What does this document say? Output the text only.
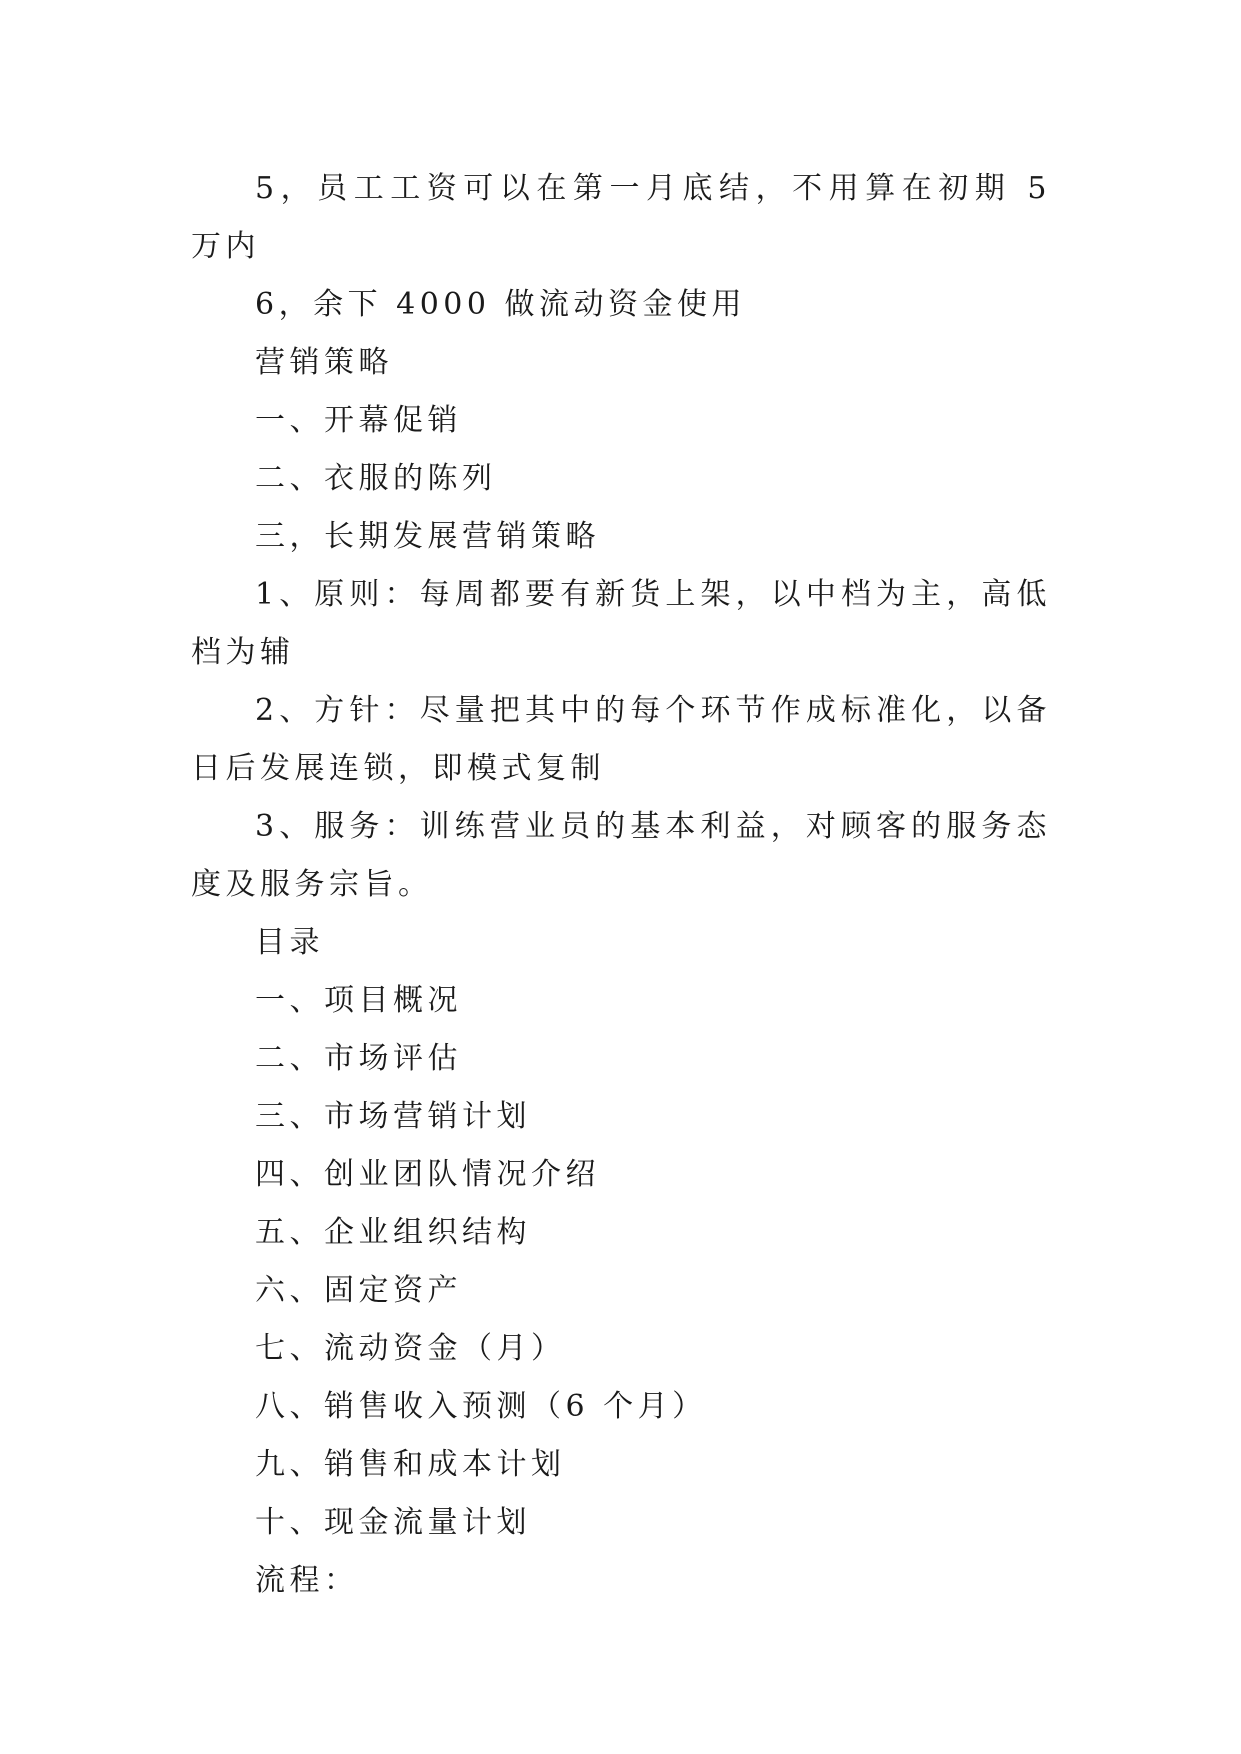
5，员工工资可以在第一月底结，不用算在初期 5 万内

6，余下 4000 做流动资金使用

营销策略

一、开幕促销

二、衣服的陈列

三，长期发展营销策略

1、原则：每周都要有新货上架，以中档为主，高低档为辅

2、方针：尽量把其中的每个环节作成标准化，以备日后发展连锁，即模式复制

3、服务：训练营业员的基本利益，对顾客的服务态度及服务宗旨。

目录

一、项目概况

二、市场评估

三、市场营销计划

四、创业团队情况介绍

五、企业组织结构

六、固定资产

七、流动资金（月）

八、销售收入预测（6 个月）

九、销售和成本计划

十、现金流量计划

流程：
